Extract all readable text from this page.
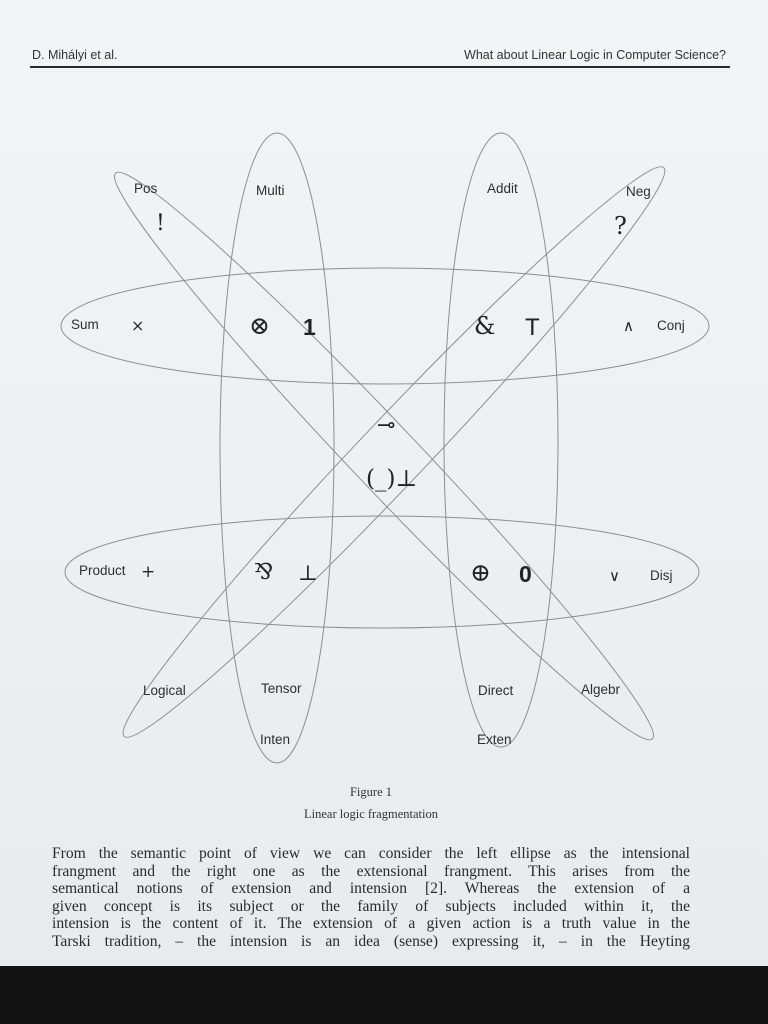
D. Mihályi et al.	What about Linear Logic in Computer Science?
Pos	Multi	Addit	Neg
Sum	Conj
Product	Disj
Logical	Tensor	Direct	Algebr
Inten	Exten
!	?
×	⊗ 1	& T	∧
⊸
(_)⊥
+	⅋ ⊥	⊕ 0	∨
Figure 1
Linear logic fragmentation

From the semantic point of view we can consider the left ellipse as the intensional
frangment and the right one as the extensional frangment. This arises from the
semantical notions of extension and intension [2]. Whereas the extension of a
given concept is its subject or the family of subjects included within it, the
intension is the content of it. The extension of a given action is a truth value in the
Tarski tradition, – the intension is an idea (sense) expressing it, – in the Heyting
